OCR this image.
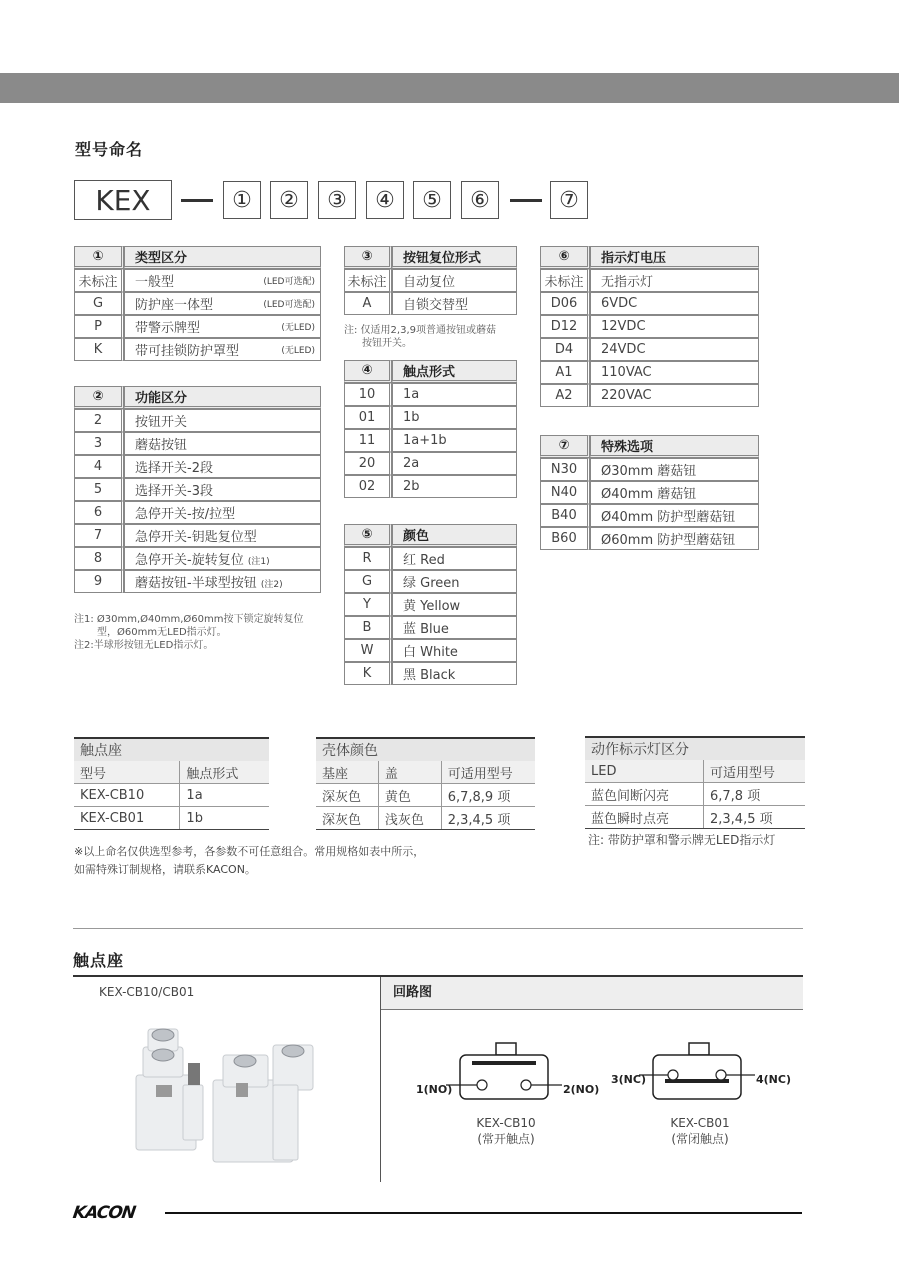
型号命名
KEX	①	②	③	④	⑤	⑥	⑦
①	类型区分
未标注	一般型 (LED可选配)

G	防护座一体型 (LED可选配)

P	带警示牌型 (无LED)

K	带可挂锁防护罩型 (无LED)
②	功能区分
2	按钮开关
3	蘑菇按钮
4	选择开关-2段
5	选择开关-3段
6	急停开关-按/拉型
7	急停开关-钥匙复位型
8	急停开关-旋转复位 (注1)
9	蘑菇按钮-半球型按钮 (注2)
注1: Ø30mm,Ø40mm,Ø60mm按下锁定旋转复位
型，Ø60mm无LED指示灯。
注2:半球形按钮无LED指示灯。
③	按钮复位形式
未标注	自动复位
A	自锁交替型
注: 仅适用2,3,9项普通按钮或蘑菇
按钮开关。
④	触点形式
10	1a
01	1b
11	1a+1b
20	2a
02	2b
⑤	颜色
R	红 Red
G	绿 Green
Y	黄 Yellow
B	蓝 Blue
W	白 White
K	黑 Black
⑥	指示灯电压
未标注	无指示灯
D06	6VDC
D12	12VDC
D4	24VDC
A1	110VAC
A2	220VAC
⑦	特殊选项
N30	Ø30mm 蘑菇钮
N40	Ø40mm 蘑菇钮
B40	Ø40mm 防护型蘑菇钮
B60	Ø60mm 防护型蘑菇钮
触点座	
型号	触点形式
KEX-CB10	1a
KEX-CB01	1b
壳体颜色		
基座	盖	可适用型号
深灰色	黄色	6,7,8,9 项
深灰色	浅灰色	2,3,4,5 项
动作标示灯区分	
LED	可适用型号
蓝色间断闪亮	6,7,8 项
蓝色瞬时点亮	2,3,4,5 项
注: 带防护罩和警示牌无LED指示灯
※以上命名仅供选型参考，各参数不可任意组合。常用规格如表中所示，
如需特殊订制规格，请联系KACON。
触点座
KEX-CB10/CB01	回路图
1(NO)	2(NO)
KEX-CB10
(常开触点)
3(NC)	4(NC)
KEX-CB01
(常闭触点)
KACON
